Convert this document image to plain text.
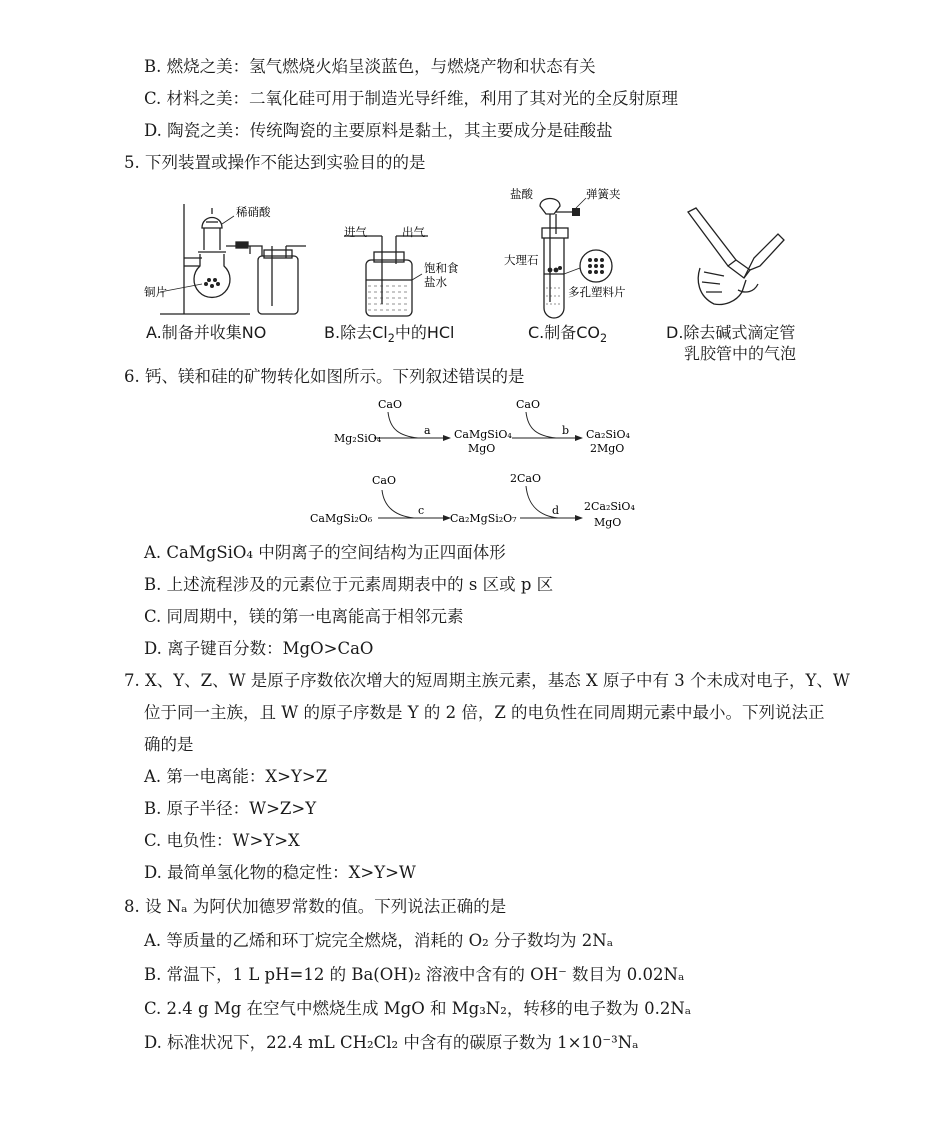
B. 燃烧之美：氢气燃烧火焰呈淡蓝色，与燃烧产物和状态有关
C. 材料之美：二氧化硅可用于制造光导纤维，利用了其对光的全反射原理
D. 陶瓷之美：传统陶瓷的主要原料是黏土，其主要成分是硅酸盐
5. 下列装置或操作不能达到实验目的的是
稀硝酸
铜片
进气	出气
饱和食
盐水
盐酸	弹簧夹
大理石
多孔塑料片
A.制备并收集NO	B.除去$Cl_2$中的HCl	C.制备$CO_2$	D.除去碱式滴定管
乳胶管中的气泡
6. 钙、镁和硅的矿物转化如图所示。下列叙述错误的是
CaO	CaO
CaO	2CaO
a	b
c	d
Mg₂SiO₄	CaMgSiO₄
MgO
Ca₂SiO₄
2MgO
CaMgSi₂O₆	Ca₂MgSi₂O₇
2Ca₂SiO₄
MgO
A. CaMgSiO₄ 中阴离子的空间结构为正四面体形
B. 上述流程涉及的元素位于元素周期表中的 s 区或 p 区
C. 同周期中，镁的第一电离能高于相邻元素
D. 离子键百分数：MgO>CaO
7. X、Y、Z、W 是原子序数依次增大的短周期主族元素，基态 X 原子中有 3 个未成对电子，Y、W
位于同一主族，且 W 的原子序数是 Y 的 2 倍，Z 的电负性在同周期元素中最小。下列说法正
确的是
A. 第一电离能：X>Y>Z
B. 原子半径：W>Z>Y
C. 电负性：W>Y>X
D. 最简单氢化物的稳定性：X>Y>W
8. 设 Nₐ 为阿伏加德罗常数的值。下列说法正确的是
A. 等质量的乙烯和环丁烷完全燃烧，消耗的 O₂ 分子数均为 2Nₐ
B. 常温下，1 L pH=12 的 Ba(OH)₂ 溶液中含有的 OH⁻ 数目为 0.02Nₐ
C. 2.4 g Mg 在空气中燃烧生成 MgO 和 Mg₃N₂，转移的电子数为 0.2Nₐ
D. 标准状况下，22.4 mL CH₂Cl₂ 中含有的碳原子数为 1×10⁻³Nₐ
